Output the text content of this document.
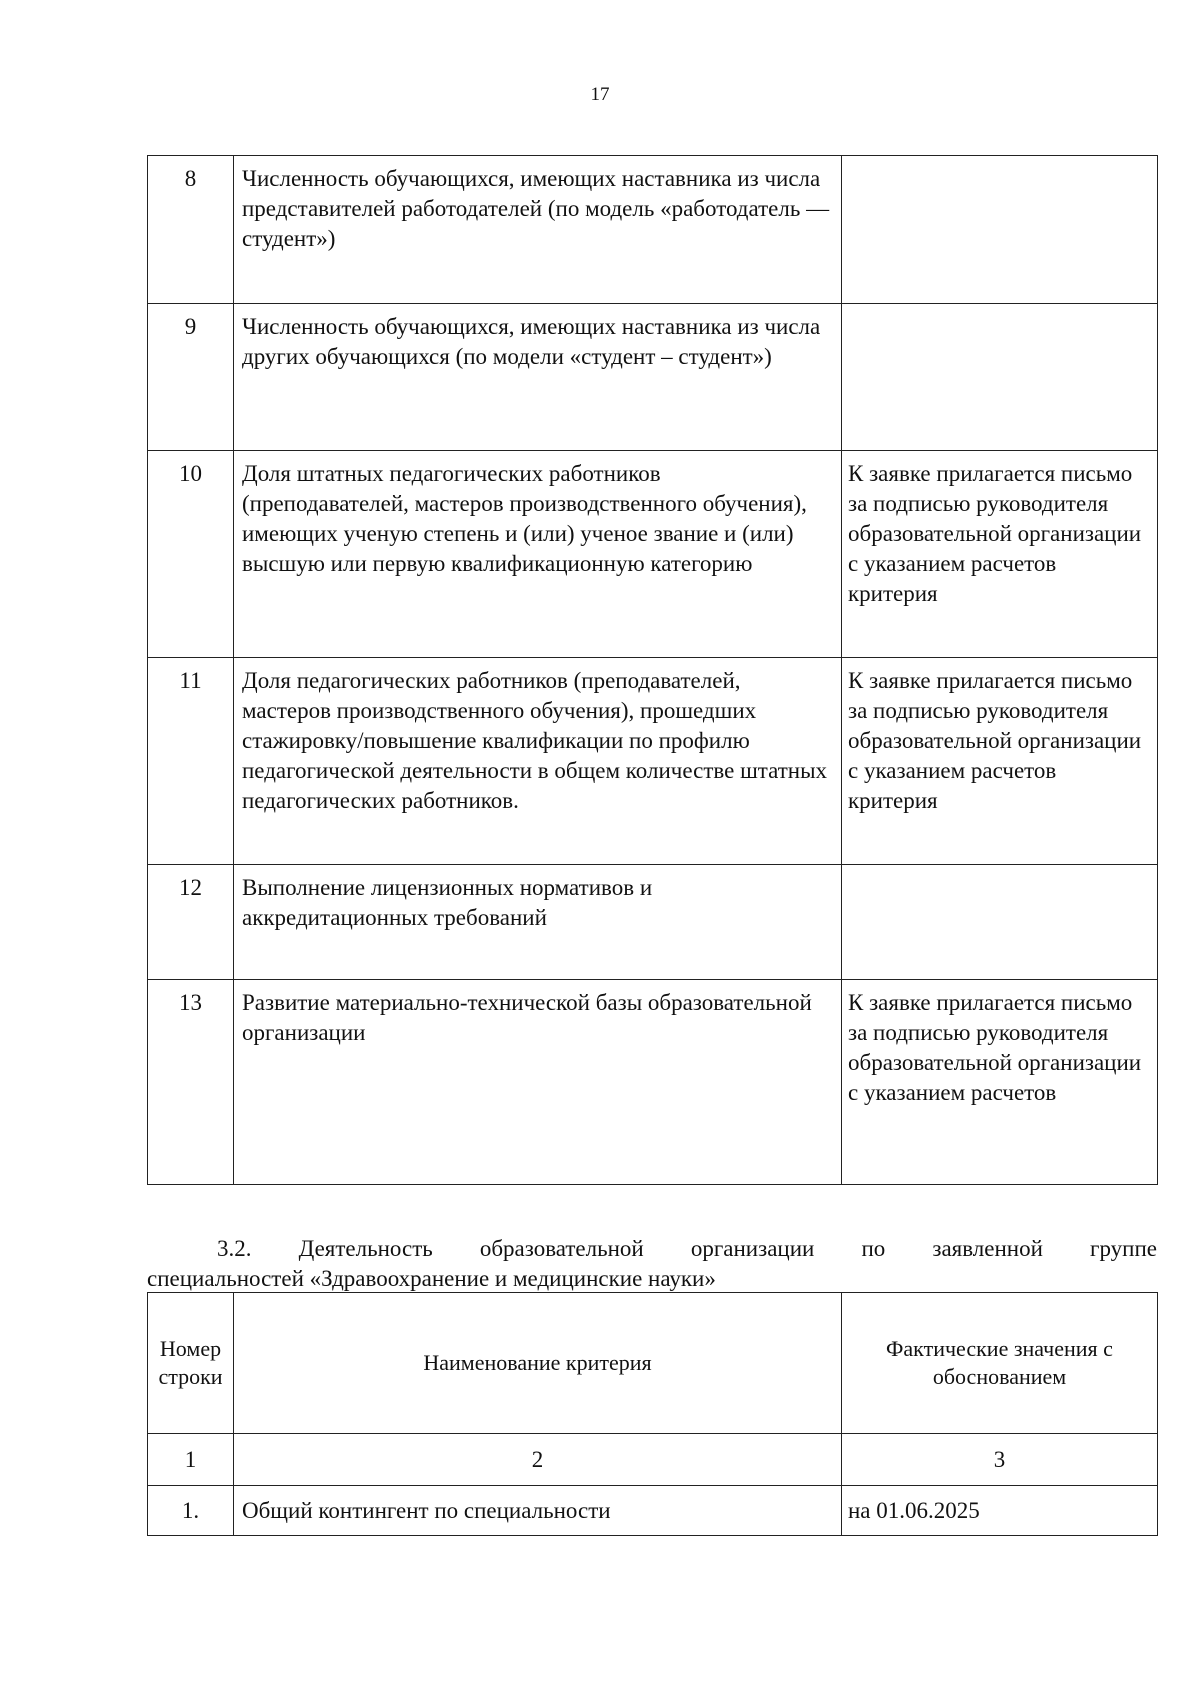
17
8	Численность обучающихся, имеющих наставника из числа представителей работодателей (по модель «работодатель — студент»)	
9	Численность обучающихся, имеющих наставника из числа других обучающихся (по модели «студент – студент»)	
10	Доля штатных педагогических работников (преподавателей, мастеров производственного обучения), имеющих ученую степень и (или) ученое звание и (или) высшую или первую квалификационную категорию	К заявке прилагается письмо за подписью руководителя образовательной организации с указанием расчетов критерия
11	Доля педагогических работников (преподавателей, мастеров производственного обучения), прошедших стажировку/повышение квалификации по профилю педагогической деятельности в общем количестве штатных педагогических работников.	К заявке прилагается письмо за подписью руководителя образовательной организации с указанием расчетов критерия
12	Выполнение лицензионных нормативов и аккредитационных требований	
13	Развитие материально-технической базы образовательной организации	К заявке прилагается письмо за подписью руководителя образовательной организации с указанием расчетов
3.2. Деятельность образовательной организации по заявленной группе
специальностей «Здравоохранение и медицинские науки»
Номер строки	Наименование критерия	Фактические значения с обоснованием
1	2	3
1.	Общий контингент по специальности	на 01.06.2025
